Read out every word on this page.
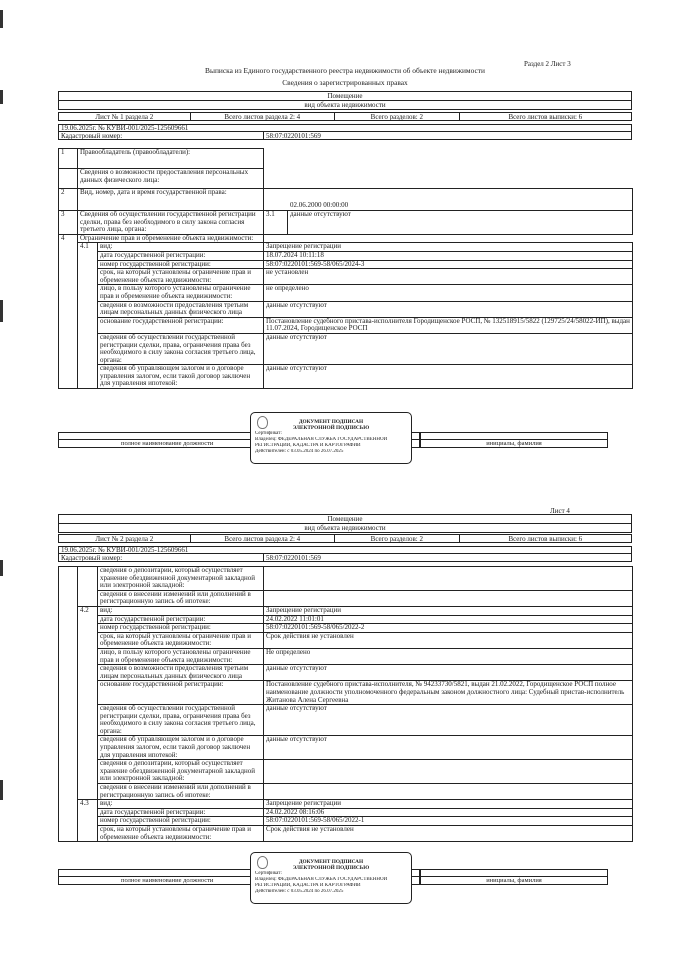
Раздел 2 Лист 3
Выписка из Единого государственного реестра недвижимости об объекте недвижимости
Сведения о зарегистрированных правах
Помещение
вид объекта недвижимости
Лист № 1 раздела 2	Всего листов раздела 2: 4	Всего разделов: 2	Всего листов выписки: 6
19.06.2025г. № КУВИ-001/2025-125609661
Кадастровый номер:	58:07:0220101:569
1	Правообладатель (правообладатели):			
	Сведения о возможности предоставления персональных данных физического лица:			
2	Вид, номер, дата и время государственной права:		02.06.2000 00:00:00	
3	Сведения об осуществлении государственной регистрации сделки, права без необходимого в силу закона согласия третьего лица, органа:		3.1	данные отсутствуют
4	Ограничение прав и обременение объекта недвижимости:			
	4.1	вид:	Запрещение регистрации	
		дата государственной регистрации:	18.07.2024 10:11:18	
		номер государственной регистрации:	58:07:0220101:569-58/065/2024-3	
		срок, на который установлены ограничение прав и обременение объекта недвижимости:	не установлен	
		лицо, в пользу которого установлены ограничение прав и обременение объекта недвижимости:	не определено	
		сведения о возможности предоставления третьим лицам персональных данных физического лица	данные отсутствуют	
		основание государственной регистрации:	Постановление судебного пристава-исполнителя Городищенское РОСП, № 132518915/5822 (129725/24/58022-ИП), выдан 11.07.2024, Городищенское РОСП	
		сведения об осуществлении государственной регистрации сделки, права, ограничения права без необходимого в силу закона согласия третьего лица, органа:	данные отсутствуют	
		сведения об управляющем залогом и о договоре управления залогом, если такой договор заключен для управления ипотекой:	данные отсутствуют	
полное наименование должности	инициалы, фамилия
ДОКУМЕНТ ПОДПИСАН
ЭЛЕКТРОННОЙ ПОДПИСЬЮ
Сертификат:
Владелец: ФЕДЕРАЛЬНАЯ СЛУЖБА ГОСУДАРСТВЕННОЙ
РЕГИСТРАЦИИ, КАДАСТРА И КАРТОГРАФИИ
Действителен: с 03.05.2024 по 26.07.2025
Лист 4
Помещение
вид объекта недвижимости
Лист № 2 раздела 2	Всего листов раздела 2: 4	Всего разделов: 2	Всего листов выписки: 6
19.06.2025г. № КУВИ-001/2025-125609661
Кадастровый номер:	58:07:0220101:569
		сведения о депозитарии, который осуществляет хранение обездвиженной документарной закладной или электронной закладной:	
		сведения о внесении изменений или дополнений в регистрационную запись об ипотеке:	
	4.2	вид:	Запрещение регистрации
		дата государственной регистрации:	24.02.2022 11:01:01
		номер государственной регистрации:	58:07:0220101:569-58/065/2022-2
		срок, на который установлены ограничение прав и обременение объекта недвижимости:	Срок действия не установлен
		лицо, в пользу которого установлены ограничение прав и обременение объекта недвижимости:	Не определено
		сведения о возможности предоставления третьим лицам персональных данных физического лица	данные отсутствуют
		основание государственной регистрации:	Постановление судебного пристава-исполнителя, № 94233730/5821, выдан 21.02.2022, Городищенское РОСП полное наименование должности уполномоченного федеральным законом должностного лица: Судебный пристав-исполнитель Житанова Алена Сергеевна
		сведения об осуществлении государственной регистрации сделки, права, ограничения права без необходимого в силу закона согласия третьего лица, органа:	данные отсутствуют
		сведения об управляющем залогом и о договоре управления залогом, если такой договор заключен для управления ипотекой:	данные отсутствуют
		сведения о депозитарии, который осуществляет хранение обездвиженной документарной закладной или электронной закладной:	
		сведения о внесении изменений или дополнений в регистрационную запись об ипотеке:	
	4.3	вид:	Запрещение регистрации
		дата государственной регистрации:	24.02.2022 08:16:06
		номер государственной регистрации:	58:07:0220101:569-58/065/2022-1
		срок, на который установлены ограничение прав и обременение объекта недвижимости:	Срок действия не установлен
полное наименование должности	инициалы, фамилия
ДОКУМЕНТ ПОДПИСАН
ЭЛЕКТРОННОЙ ПОДПИСЬЮ
Сертификат:
Владелец: ФЕДЕРАЛЬНАЯ СЛУЖБА ГОСУДАРСТВЕННОЙ
РЕГИСТРАЦИИ, КАДАСТРА И КАРТОГРАФИИ
Действителен: с 03.05.2024 по 26.07.2025
